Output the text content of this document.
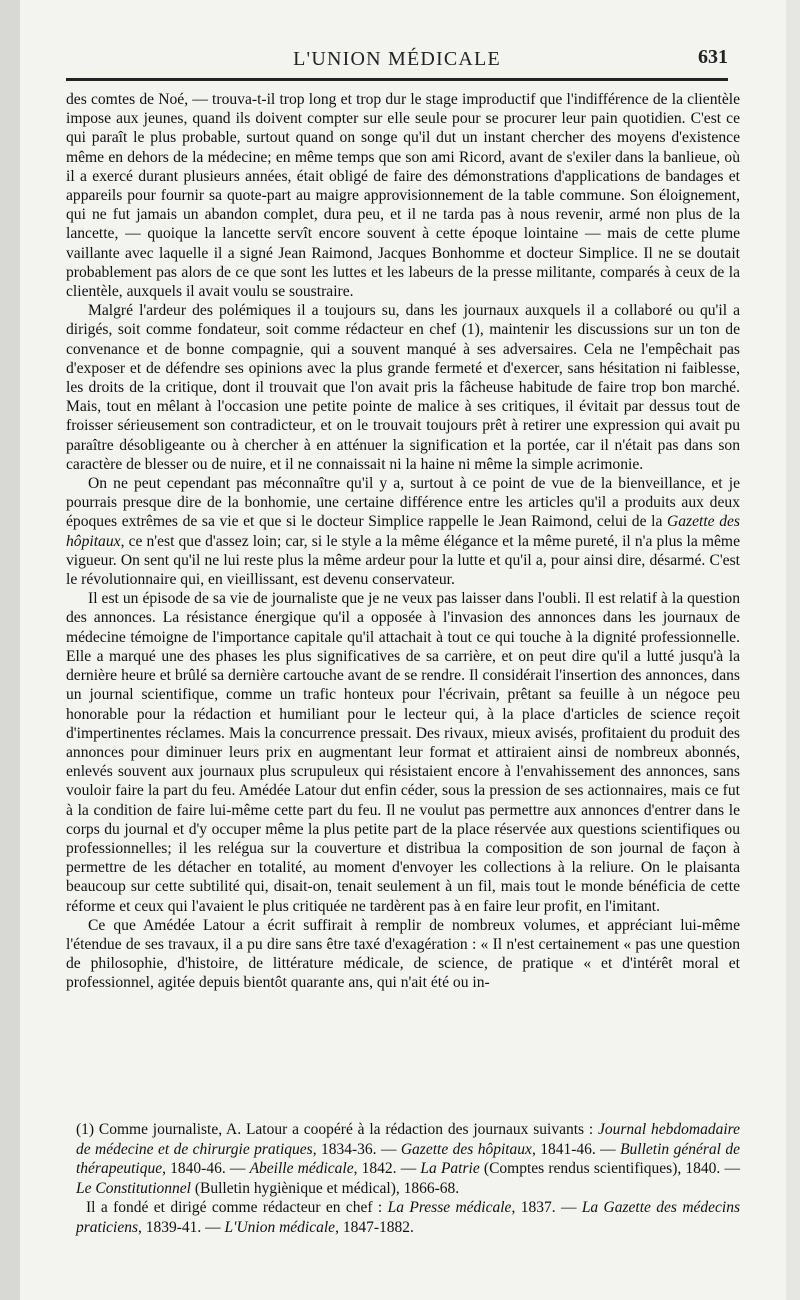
L'UNION MÉDICALE	631

des comtes de Noé, — trouva-t-il trop long et trop dur le stage improductif que l'indifférence de la clientèle impose aux jeunes, quand ils doivent compter sur elle seule pour se procurer leur pain quotidien. C'est ce qui paraît le plus probable, surtout quand on songe qu'il dut un instant chercher des moyens d'existence même en dehors de la médecine; en même temps que son ami Ricord, avant de s'exiler dans la banlieue, où il a exercé durant plusieurs années, était obligé de faire des démonstrations d'applications de bandages et appareils pour fournir sa quote-part au maigre approvisionnement de la table commune. Son éloignement, qui ne fut jamais un abandon complet, dura peu, et il ne tarda pas à nous revenir, armé non plus de la lancette, — quoique la lancette servît encore souvent à cette époque lointaine — mais de cette plume vaillante avec laquelle il a signé Jean Raimond, Jacques Bonhomme et docteur Simplice. Il ne se doutait probablement pas alors de ce que sont les luttes et les labeurs de la presse militante, comparés à ceux de la clientèle, auxquels il avait voulu se soustraire.

Malgré l'ardeur des polémiques il a toujours su, dans les journaux auxquels il a collaboré ou qu'il a dirigés, soit comme fondateur, soit comme rédacteur en chef (1), maintenir les discussions sur un ton de convenance et de bonne compagnie, qui a souvent manqué à ses adversaires. Cela ne l'empêchait pas d'exposer et de défendre ses opinions avec la plus grande fermeté et d'exercer, sans hésitation ni faiblesse, les droits de la critique, dont il trouvait que l'on avait pris la fâcheuse habitude de faire trop bon marché. Mais, tout en mêlant à l'occasion une petite pointe de malice à ses critiques, il évitait par dessus tout de froisser sérieusement son contradicteur, et on le trouvait toujours prêt à retirer une expression qui avait pu paraître désobligeante ou à chercher à en atténuer la signification et la portée, car il n'était pas dans son caractère de blesser ou de nuire, et il ne connaissait ni la haine ni même la simple acrimonie.

On ne peut cependant pas méconnaître qu'il y a, surtout à ce point de vue de la bienveillance, et je pourrais presque dire de la bonhomie, une certaine différence entre les articles qu'il a produits aux deux époques extrêmes de sa vie et que si le docteur Simplice rappelle le Jean Raimond, celui de la Gazette des hôpitaux, ce n'est que d'assez loin; car, si le style a la même élégance et la même pureté, il n'a plus la même vigueur. On sent qu'il ne lui reste plus la même ardeur pour la lutte et qu'il a, pour ainsi dire, désarmé. C'est le révolutionnaire qui, en vieillissant, est devenu conservateur.

Il est un épisode de sa vie de journaliste que je ne veux pas laisser dans l'oubli. Il est relatif à la question des annonces. La résistance énergique qu'il a opposée à l'invasion des annonces dans les journaux de médecine témoigne de l'importance capitale qu'il attachait à tout ce qui touche à la dignité professionnelle. Elle a marqué une des phases les plus significatives de sa carrière, et on peut dire qu'il a lutté jusqu'à la dernière heure et brûlé sa dernière cartouche avant de se rendre. Il considérait l'insertion des annonces, dans un journal scientifique, comme un trafic honteux pour l'écrivain, prêtant sa feuille à un négoce peu honorable pour la rédaction et humiliant pour le lecteur qui, à la place d'articles de science reçoit d'impertinentes réclames. Mais la concurrence pressait. Des rivaux, mieux avisés, profitaient du produit des annonces pour diminuer leurs prix en augmentant leur format et attiraient ainsi de nombreux abonnés, enlevés souvent aux journaux plus scrupuleux qui résistaient encore à l'envahissement des annonces, sans vouloir faire la part du feu. Amédée Latour dut enfin céder, sous la pression de ses actionnaires, mais ce fut à la condition de faire lui-même cette part du feu. Il ne voulut pas permettre aux annonces d'entrer dans le corps du journal et d'y occuper même la plus petite part de la place réservée aux questions scientifiques ou professionnelles; il les relégua sur la couverture et distribua la composition de son journal de façon à permettre de les détacher en totalité, au moment d'envoyer les collections à la reliure. On le plaisanta beaucoup sur cette subtilité qui, disait-on, tenait seulement à un fil, mais tout le monde bénéficia de cette réforme et ceux qui l'avaient le plus critiquée ne tardèrent pas à en faire leur profit, en l'imitant.

Ce que Amédée Latour a écrit suffirait à remplir de nombreux volumes, et appréciant lui-même l'étendue de ses travaux, il a pu dire sans être taxé d'exagération : « Il n'est certainement « pas une question de philosophie, d'histoire, de littérature médicale, de science, de pratique « et d'intérêt moral et professionnel, agitée depuis bientôt quarante ans, qui n'ait été ou in-

(1) Comme journaliste, A. Latour a coopéré à la rédaction des journaux suivants : Journal hebdomadaire de médecine et de chirurgie pratiques, 1834-36. — Gazette des hôpitaux, 1841-46. — Bulletin général de thérapeutique, 1840-46. — Abeille médicale, 1842. — La Patrie (Comptes rendus scientifiques), 1840. — Le Constitutionnel (Bulletin hygiènique et médical), 1866-68.

Il a fondé et dirigé comme rédacteur en chef : La Presse médicale, 1837. — La Gazette des médecins praticiens, 1839-41. — L'Union médicale, 1847-1882.
